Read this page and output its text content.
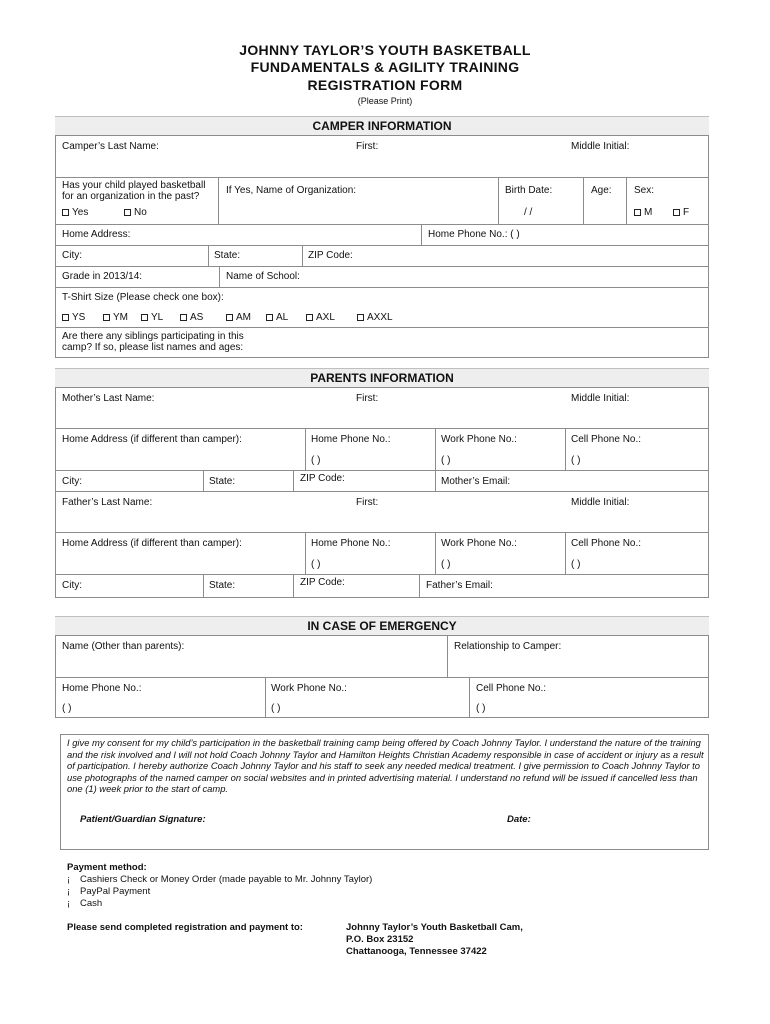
JOHNNY TAYLOR’S YOUTH BASKETBALL
FUNDAMENTALS & AGILITY TRAINING
REGISTRATION FORM
(Please Print)
CAMPER INFORMATION
Camper’s Last Name:	First:	Middle Initial:
Has your child played basketball for an organization in the past?
Yes	No
If Yes, Name of Organization:	Birth Date:
/ /
Age: Sex:
M	F
Home Address:	Home Phone No.: ( )
City:	State:	ZIP Code:
Grade in 2013/14:	Name of School:
T-Shirt Size (Please check one box):
YS	YM	YL	AS	AM	AL	AXL	AXXL
Are there any siblings participating in this camp? If so, please list names and ages:
PARENTS INFORMATION
Mother’s Last Name:	First:	Middle Initial:
Home Address (if different than camper):	Home Phone No.:
( )
Work Phone No.:
( )
Cell Phone No.:
( )
City:	State:	ZIP Code:	Mother’s Email:
Father’s Last Name:	First:	Middle Initial:
Home Address (if different than camper):	Home Phone No.:
( )
Work Phone No.:
( )
Cell Phone No.:
( )
City:	State:	ZIP Code:	Father’s Email:
IN CASE OF EMERGENCY
Name (Other than parents):	Relationship to Camper:
Home Phone No.:
( )
Work Phone No.:
( )
Cell Phone No.:
( )
I give my consent for my child’s participation in the basketball training camp being offered by Coach Johnny Taylor. I understand the nature of the training and the risk involved and I will not hold Coach Johnny Taylor and Hamilton Heights Christian Academy responsible in case of accident or injury as a result of participation. I hereby authorize Coach Johnny Taylor and his staff to seek any needed medical treatment. I give permission to Coach Johnny Taylor to use photographs of the named camper on social websites and in printed advertising material. I understand no refund will be issued if cancelled less than one (1) week prior to the start of camp.
Patient/Guardian Signature:	Date:
Payment method:
¡ Cashiers Check or Money Order (made payable to Mr. Johnny Taylor)
¡ PayPal Payment
¡ Cash
Please send completed registration and payment to:	Johnny Taylor’s Youth Basketball Cam,
P.O. Box 23152
Chattanooga, Tennessee 37422
